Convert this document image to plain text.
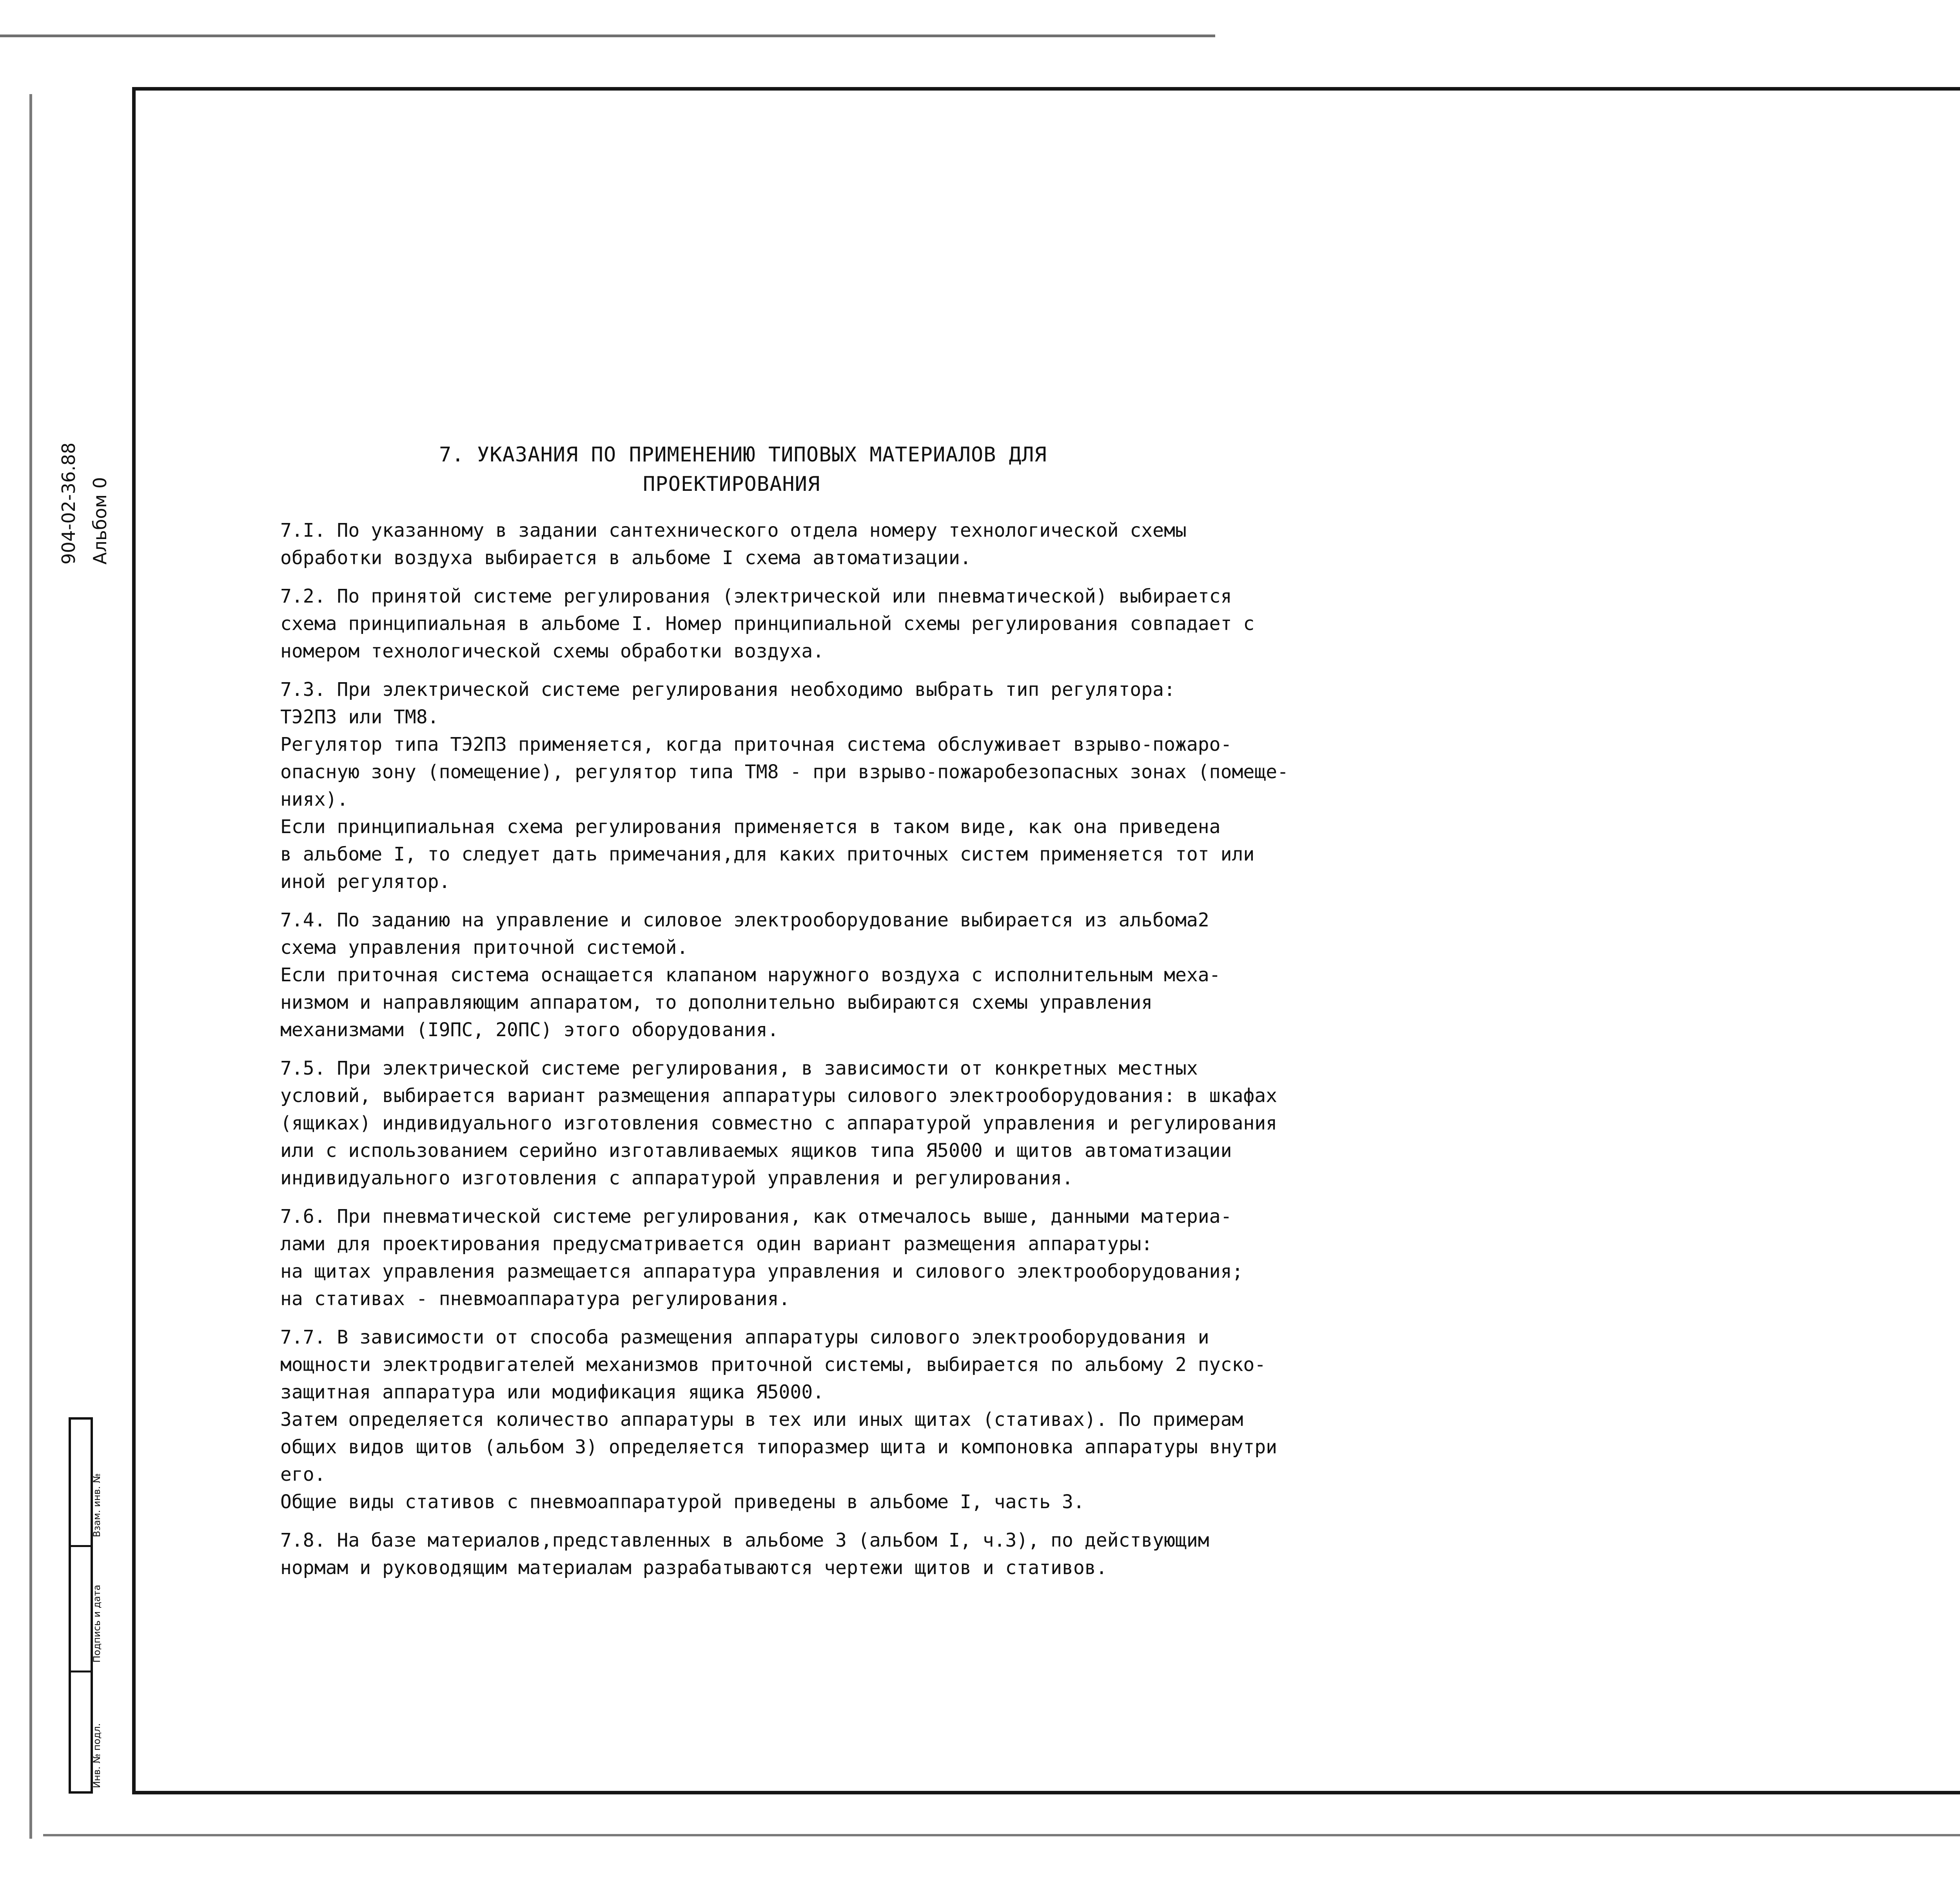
904-02-36.88 Альбом 0
Взам. инв. №
Подпись и дата
Инв. № подл.
7. УКАЗАНИЯ ПО ПРИМЕНЕНИЮ ТИПОВЫХ МАТЕРИАЛОВ ДЛЯ
ПРОЕКТИРОВАНИЯ

7.I. По указанному в задании сантехнического отдела номеру технологической схемы

обработки воздуха выбирается в альбоме I схема автоматизации.

7.2. По принятой системе регулирования (электрической или пневматической) выбирается

схема принципиальная в альбоме I. Номер принципиальной схемы регулирования совпадает с

номером технологической схемы обработки воздуха.

7.3. При электрической системе регулирования необходимо выбрать тип регулятора:

ТЭ2ПЗ или ТМ8.

Регулятор типа ТЭ2ПЗ применяется, когда приточная система обслуживает взрыво-пожаро-

опасную зону (помещение), регулятор типа ТМ8 - при взрыво-пожаробезопасных зонах (помеще-

ниях).

Если принципиальная схема регулирования применяется в таком виде, как она приведена

в альбоме I, то следует дать примечания,для каких приточных систем применяется тот или

иной регулятор.

7.4. По заданию на управление и силовое электрооборудование выбирается из альбома2

схема управления приточной системой.

Если приточная система оснащается клапаном наружного воздуха с исполнительным меха-

низмом и направляющим аппаратом, то дополнительно выбираются схемы управления

механизмами (I9ПС, 20ПС) этого оборудования.

7.5. При электрической системе регулирования, в зависимости от конкретных местных

условий, выбирается вариант размещения аппаратуры силового электрооборудования: в шкафах

(ящиках) индивидуального изготовления совместно с аппаратурой управления и регулирования

или с использованием серийно изготавливаемых ящиков типа Я5000 и щитов автоматизации

индивидуального изготовления с аппаратурой управления и регулирования.

7.6. При пневматической системе регулирования, как отмечалось выше, данными материа-

лами для проектирования предусматривается один вариант размещения аппаратуры:

на щитах управления размещается аппаратура управления и силового электрооборудования;

на стативах - пневмоаппаратура регулирования.

7.7. В зависимости от способа размещения аппаратуры силового электрооборудования и

мощности электродвигателей механизмов приточной системы, выбирается по альбому 2 пуско-

защитная аппаратура или модификация ящика Я5000.

Затем определяется количество аппаратуры в тех или иных щитах (стативах). По примерам

общих видов щитов (альбом 3) определяется типоразмер щита и компоновка аппаратуры внутри

его.

Общие виды стативов с пневмоаппаратурой приведены в альбоме I, часть 3.

7.8. На базе материалов,представленных в альбоме 3 (альбом I, ч.3), по действующим

нормам и руководящим материалам разрабатываются чертежи щитов и стативов.
